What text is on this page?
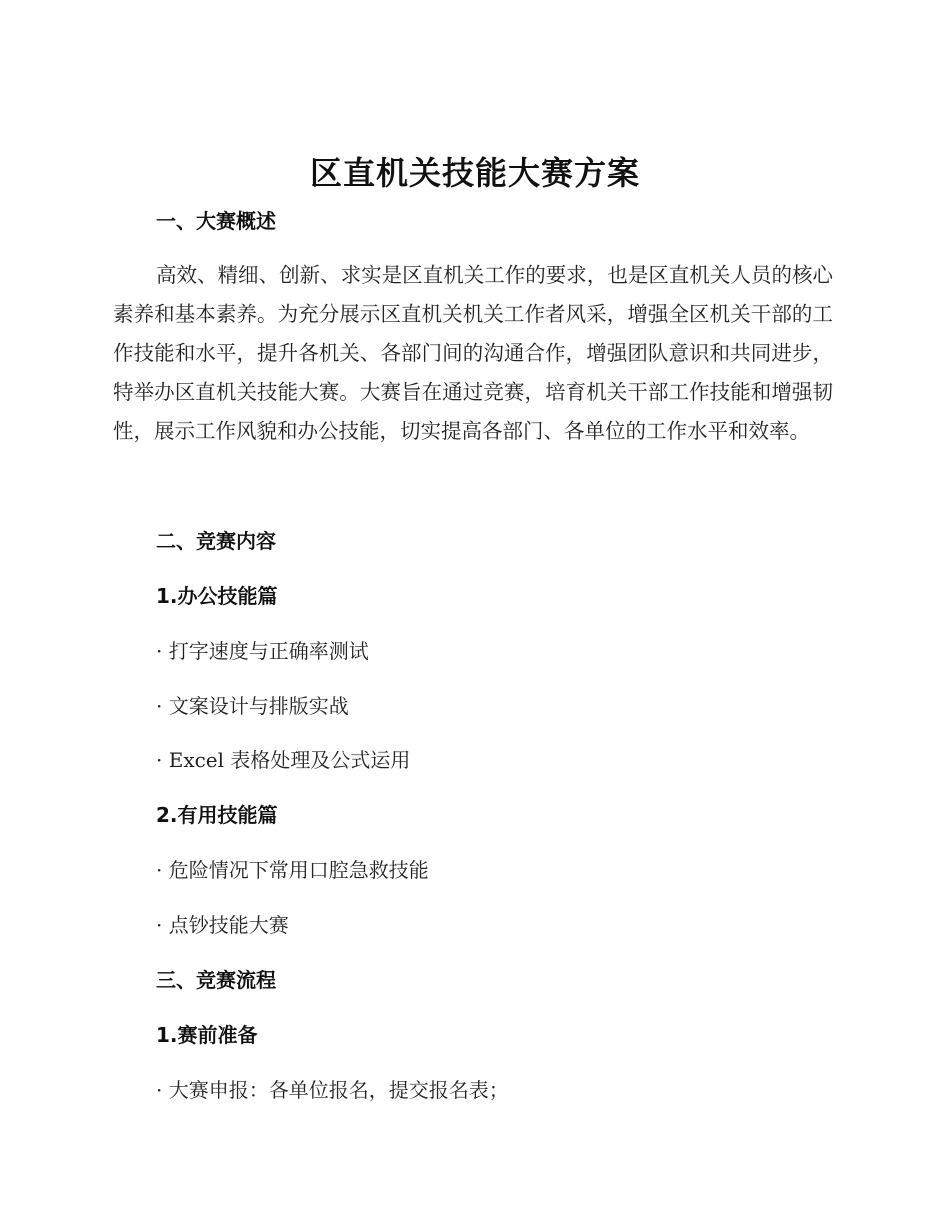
区直机关技能大赛方案
一、大赛概述
高效、精细、创新、求实是区直机关工作的要求，也是区直机关人员的核心素养和基本素养。为充分展示区直机关机关工作者风采，增强全区机关干部的工作技能和水平，提升各机关、各部门间的沟通合作，增强团队意识和共同进步，特举办区直机关技能大赛。大赛旨在通过竞赛，培育机关干部工作技能和增强韧性，展示工作风貌和办公技能，切实提高各部门、各单位的工作水平和效率。
二、竞赛内容
1.办公技能篇
· 打字速度与正确率测试
· 文案设计与排版实战
· Excel 表格处理及公式运用
2.有用技能篇
· 危险情况下常用口腔急救技能
· 点钞技能大赛
三、竞赛流程
1.赛前准备
· 大赛申报：各单位报名，提交报名表；
